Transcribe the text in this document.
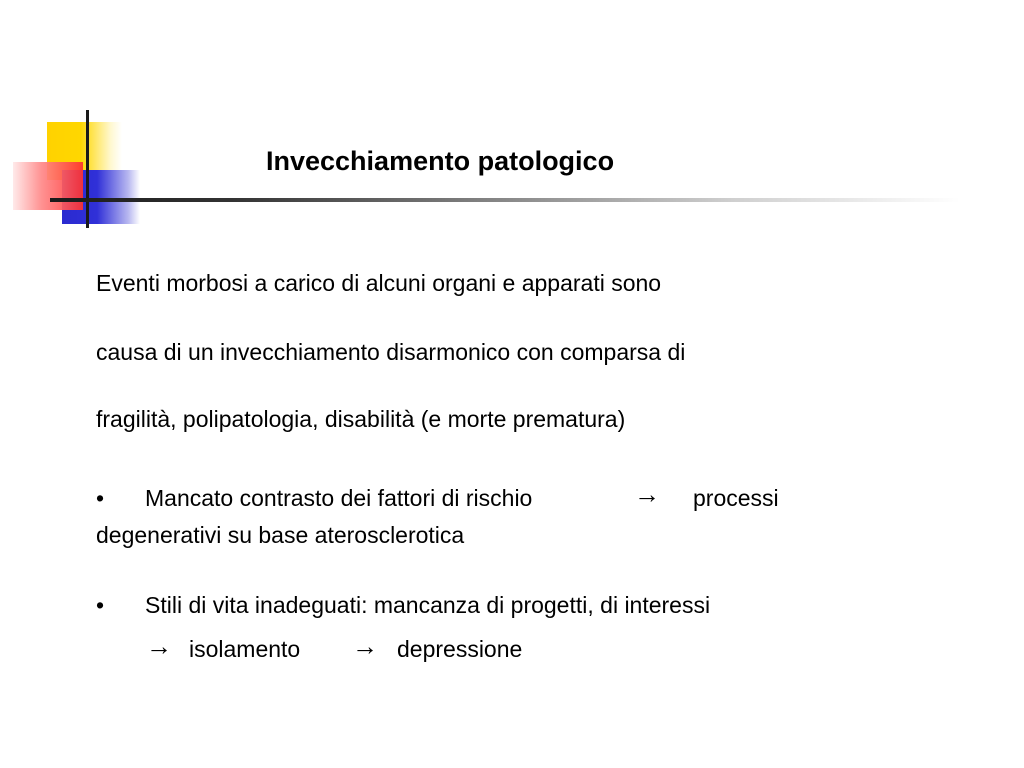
Invecchiamento patologico
Eventi morbosi a carico di alcuni organi e apparati sono
causa di un invecchiamento disarmonico con comparsa di
fragilità, polipatologia, disabilità (e morte prematura)
• Mancato contrasto dei fattori di rischio	→ processi
degenerativi su base aterosclerotica
• Stili di vita inadeguati: mancanza di progetti, di interessi
→ isolamento → depressione
